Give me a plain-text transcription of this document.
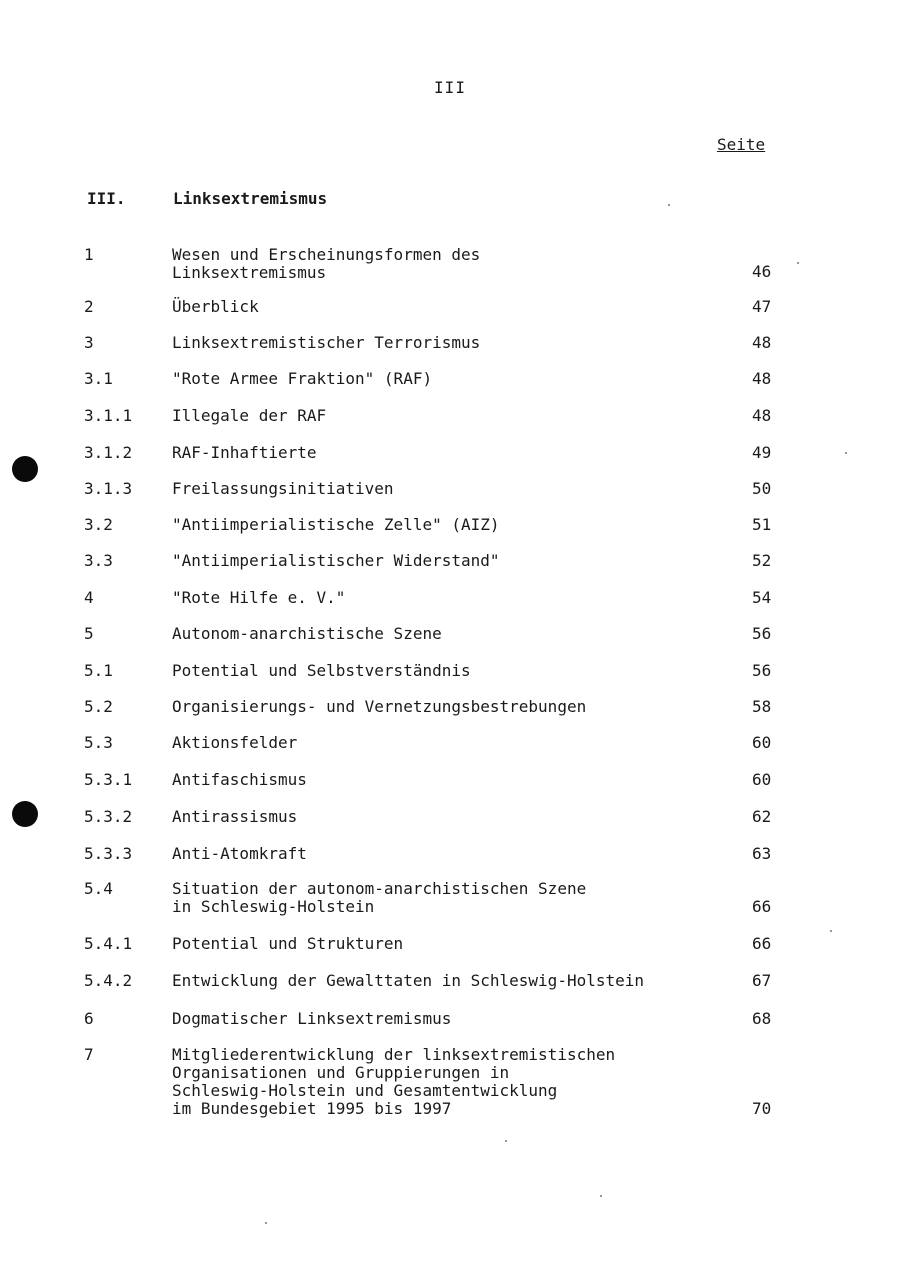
III
Seite
III.	Linksextremismus
1	Wesen und Erscheinungsformen des
Linksextremismus	46
2	Überblick	47
3	Linksextremistischer Terrorismus	48
3.1	"Rote Armee Fraktion" (RAF)	48
3.1.1 Illegale der RAF	48
3.1.2 RAF-Inhaftierte	49
3.1.3 Freilassungsinitiativen	50
3.2	"Antiimperialistische Zelle" (AIZ)	51
3.3	"Antiimperialistischer Widerstand"	52
4	"Rote Hilfe e. V."	54
5	Autonom-anarchistische Szene	56
5.1	Potential und Selbstverständnis	56
5.2	Organisierungs- und Vernetzungsbestrebungen	58
5.3	Aktionsfelder	60
5.3.1 Antifaschismus	60
5.3.2 Antirassismus	62
5.3.3 Anti-Atomkraft	63
5.4	Situation der autonom-anarchistischen Szene
in Schleswig-Holstein	66
5.4.1 Potential und Strukturen	66
5.4.2 Entwicklung der Gewalttaten in Schleswig-Holstein	67
6	Dogmatischer Linksextremismus	68
7	Mitgliederentwicklung der linksextremistischen
Organisationen und Gruppierungen in
Schleswig-Holstein und Gesamtentwicklung
im Bundesgebiet 1995 bis 1997	70
